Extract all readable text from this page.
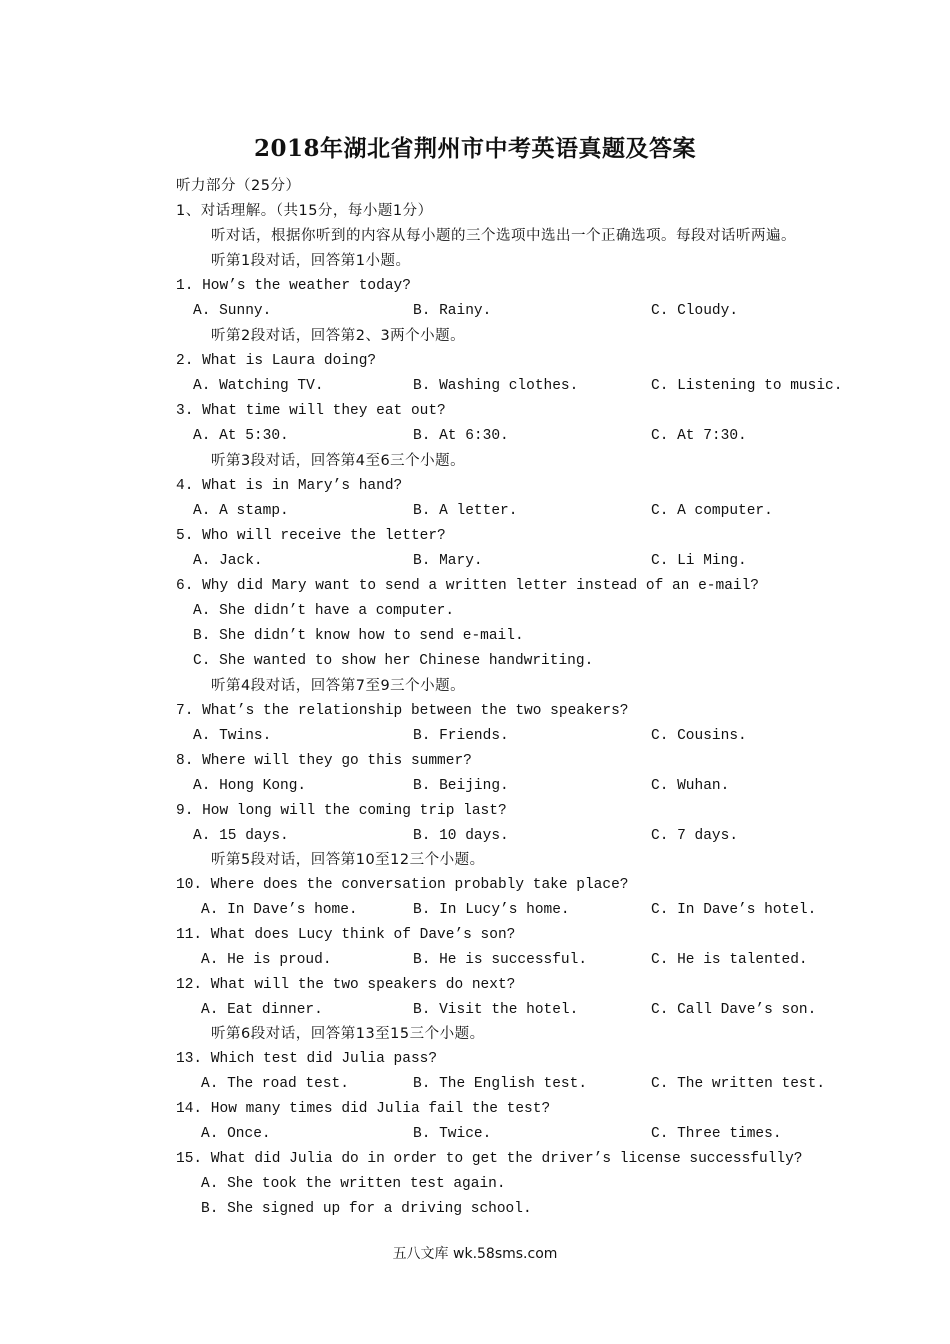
2018年湖北省荆州市中考英语真题及答案
听力部分（25分）
1、对话理解。（共15分，每小题1分）
听对话，根据你听到的内容从每小题的三个选项中选出一个正确选项。每段对话听两遍。
听第1段对话，回答第1小题。
1. How’s the weather today?
A. Sunny.	B. Rainy.	C. Cloudy.
听第2段对话，回答第2、3两个小题。
2. What is Laura doing?
A. Watching TV.	B. Washing clothes.	C. Listening to music.
3. What time will they eat out?
A. At 5:30.	B. At 6:30.	C. At 7:30.
听第3段对话，回答第4至6三个小题。
4. What is in Mary’s hand?
A. A stamp.	B. A letter.	C. A computer.
5. Who will receive the letter?
A. Jack.	B. Mary.	C. Li Ming.
6. Why did Mary want to send a written letter instead of an e-mail?
A. She didn’t have a computer.
B. She didn’t know how to send e-mail.
C. She wanted to show her Chinese handwriting.
听第4段对话，回答第7至9三个小题。
7. What’s the relationship between the two speakers?
A. Twins.	B. Friends.	C. Cousins.
8. Where will they go this summer?
A. Hong Kong.	B. Beijing.	C. Wuhan.
9. How long will the coming trip last?
A. 15 days.	B. 10 days.	C. 7 days.
听第5段对话，回答第10至12三个小题。
10. Where does the conversation probably take place?
A. In Dave’s home.	B. In Lucy’s home.	C. In Dave’s hotel.
11. What does Lucy think of Dave’s son?
A. He is proud.	B. He is successful.	C. He is talented.
12. What will the two speakers do next?
A. Eat dinner.	B. Visit the hotel.	C. Call Dave’s son.
听第6段对话，回答第13至15三个小题。
13. Which test did Julia pass?
A. The road test.	B. The English test.	C. The written test.
14. How many times did Julia fail the test?
A. Once.	B. Twice.	C. Three times.
15. What did Julia do in order to get the driver’s license successfully?
A. She took the written test again.
B. She signed up for a driving school.
五八文库 wk.58sms.com
